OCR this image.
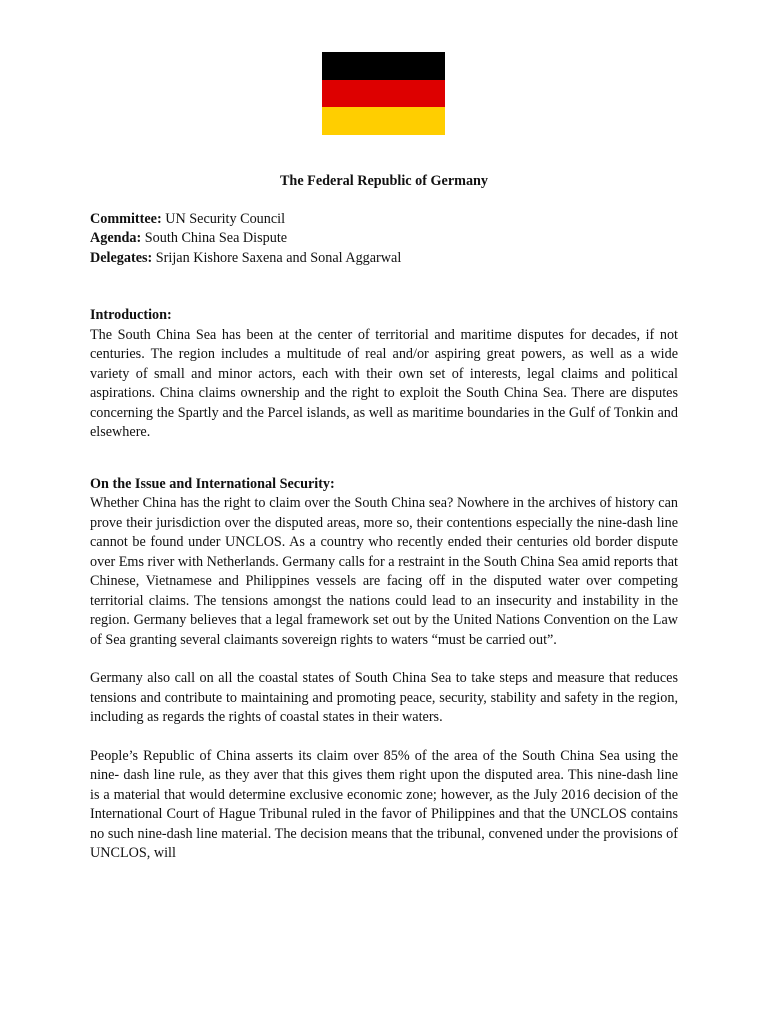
The Federal Republic of Germany

Committee: UN Security Council

Agenda: South China Sea Dispute

Delegates: Srijan Kishore Saxena and Sonal Aggarwal

Introduction:

The South China Sea has been at the center of territorial and maritime disputes for decades, if not centuries. The region includes a multitude of real and/or aspiring great powers, as well as a wide variety of small and minor actors, each with their own set of interests, legal claims and political aspirations. China claims ownership and the right to exploit the South China Sea. There are disputes concerning the Spartly and the Parcel islands, as well as maritime boundaries in the Gulf of Tonkin and elsewhere.

On the Issue and International Security:

Whether China has the right to claim over the South China sea? Nowhere in the archives of history can prove their jurisdiction over the disputed areas, more so, their contentions especially the nine-dash line cannot be found under UNCLOS. As a country who recently ended their centuries old border dispute over Ems river with Netherlands. Germany calls for a restraint in the South China Sea amid reports that Chinese, Vietnamese and Philippines vessels are facing off in the disputed water over competing territorial claims. The tensions amongst the nations could lead to an insecurity and instability in the region. Germany believes that a legal framework set out by the United Nations Convention on the Law of Sea granting several claimants sovereign rights to waters “must be carried out”.

Germany also call on all the coastal states of South China Sea to take steps and measure that reduces tensions and contribute to maintaining and promoting peace, security, stability and safety in the region, including as regards the rights of coastal states in their waters.

People’s Republic of China asserts its claim over 85% of the area of the South China Sea using the nine- dash line rule, as they aver that this gives them right upon the disputed area. This nine-dash line is a material that would determine exclusive economic zone; however, as the July 2016 decision of the International Court of Hague Tribunal ruled in the favor of Philippines and that the UNCLOS contains no such nine-dash line material. The decision means that the tribunal, convened under the provisions of UNCLOS, will
